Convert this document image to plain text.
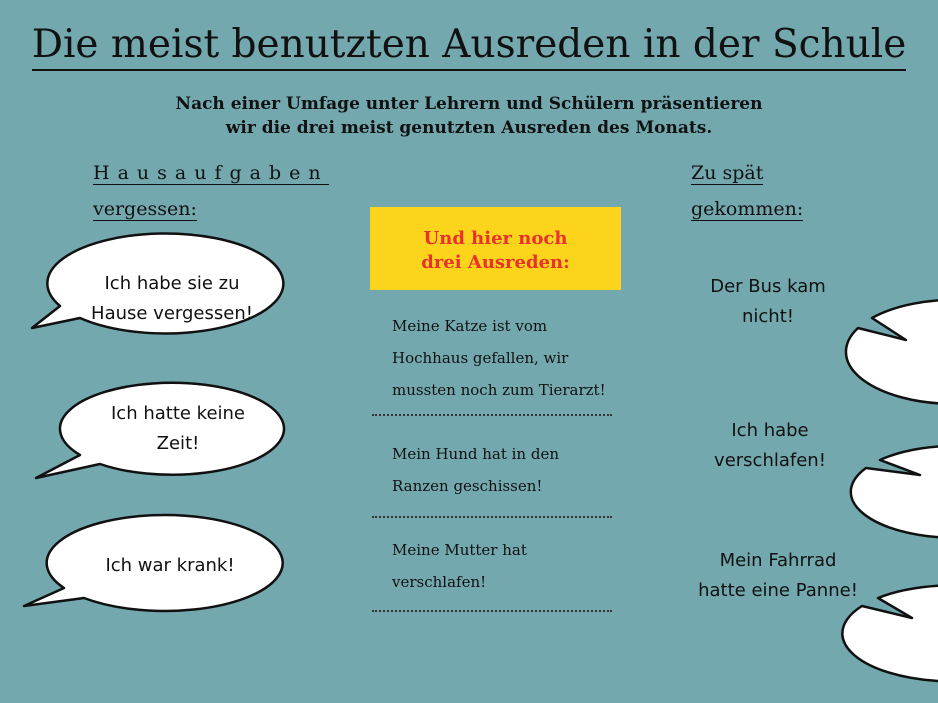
Die meist benutzten Ausreden in der Schule
Nach einer Umfage unter Lehrern und Schülern präsentieren
wir die drei meist genutzten Ausreden des Monats.
Hausaufgaben
vergessen:
Zu spät
gekommen:
Ich habe sie zu
Hause vergessen!
Ich hatte keine
Zeit!
Ich war krank!
Der Bus kam
nicht!
Ich habe
verschlafen!
Mein Fahrrad
hatte eine Panne!
Und hier noch
drei Ausreden:
Meine Katze ist vom
Hochhaus gefallen, wir
mussten noch zum Tierarzt!
Mein Hund hat in den
Ranzen geschissen!
Meine Mutter hat
verschlafen!
